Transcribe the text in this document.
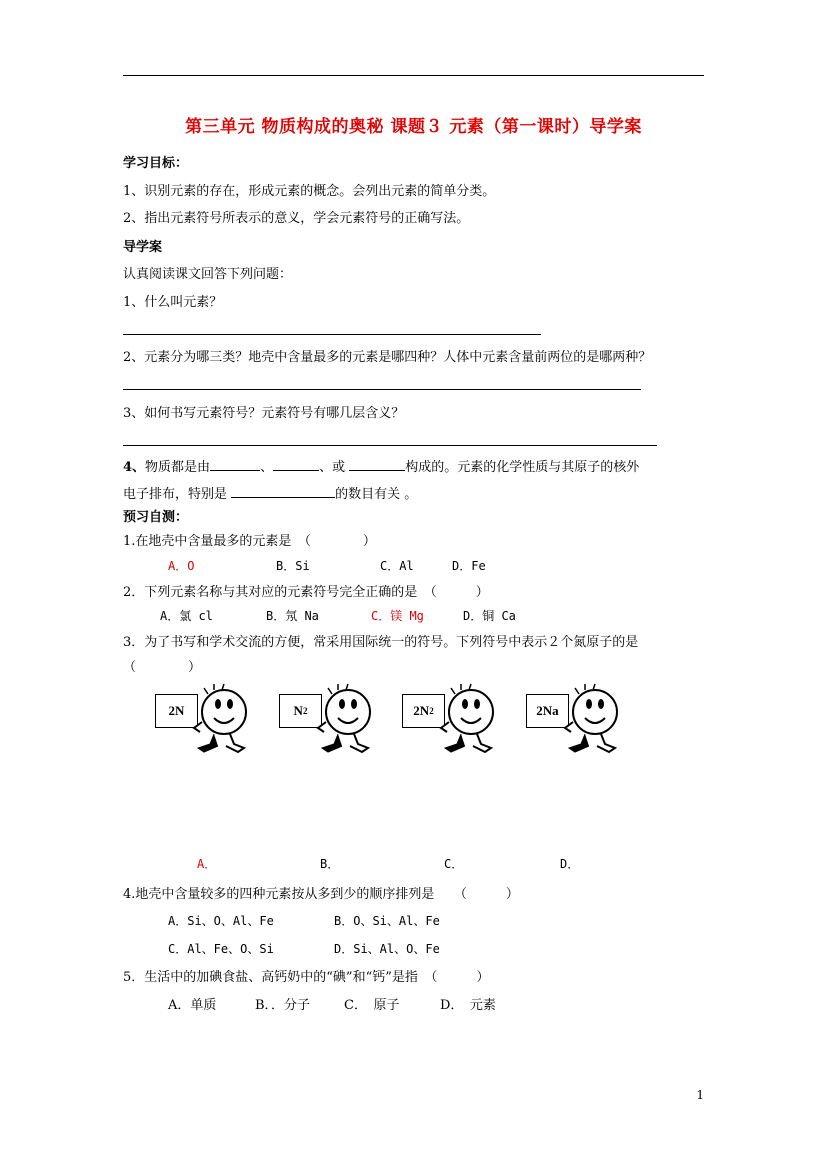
第三单元 物质构成的奥秘 课题３ 元素（第一课时）导学案
学习目标：
1、识别元素的存在，形成元素的概念。会列出元素的简单分类。
2、指出元素符号所表示的意义，学会元素符号的正确写法。
导学案
认真阅读课文回答下列问题：
1、什么叫元素？
2、元素分为哪三类？地壳中含量最多的元素是哪四种？人体中元素含量前两位的是哪两种？
3、如何书写元素符号？元素符号有哪几层含义？
4、物质都是由	、	、或	构成的。元素的化学性质与其原子的核外
电子排布，特别是	的数目有关 。
预习自测：
1.在地壳中含量最多的元素是　（　　　　）
A．O	B．Si	C．Al	D．Fe
2．下列元素名称与其对应的元素符号完全正确的是　（　　　）
A．氯 cl	B．氖 Na	C．镁 Mg	D．铜 Ca
3．为了书写和学术交流的方便，常采用国际统一的符号。下列符号中表示２个氮原子的是
（　　　　）
2N	N 2	2N 2	2Na
A．	B．	C．	D．
4.地壳中含量较多的四种元素按从多到少的顺序排列是　　（　　　）
A．Si、O、Al、Fe	B．O、Si、Al、Fe
C．Al、Fe、O、Si	D．Si、Al、O、Fe
5．生活中的加碘食盐、高钙奶中的“碘”和“钙”是指　（　　　）
A．单质	B．．分子	C．　原子	D．　元素
1
